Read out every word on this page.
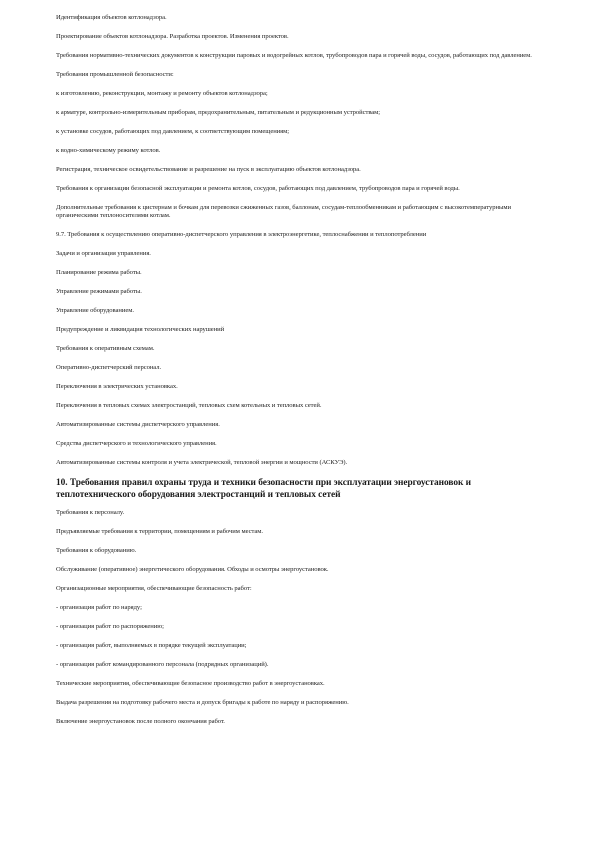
Идентификация объектов котлонадзора.

Проектирование объектов котлонадзора. Разработка проектов. Изменения проектов.

Требования нормативно-технических документов к конструкции паровых и водогрейных котлов, трубопроводов пара и горячей воды, сосудов, работающих под давлением.

Требования промышленной безопасности:

к изготовлению, реконструкции, монтажу и ремонту объектов котлонадзора;

к арматуре, контрольно-измерительным приборам, предохранительным, питательным и редукционным устройствам;

к установке сосудов, работающих под давлением, к соответствующим помещениям;

к водно-химическому режиму котлов.

Регистрация, техническое освидетельствование и разрешение на пуск в эксплуатацию объектов котлонадзора.

Требования к организации безопасной эксплуатации и ремонта котлов, сосудов, работающих под давлением, трубопроводов пара и горячей воды.

Дополнительные требования к цистернам и бочкам для перевозки сжиженных газов, баллонам, сосудам-теплообменникам и работающим с высокотемпературными органическими теплоносителями котлам.

9.7. Требования к осуществлению оперативно-диспетчерского управления в электроэнергетике, теплоснабжении и теплопотреблении

Задачи и организация управления.

Планирование режима работы.

Управление режимами работы.

Управление оборудованием.

Предупреждение и ликвидация технологических нарушений

Требования к оперативным схемам.

Оперативно-диспетчерский персонал.

Переключения в электрических установках.

Переключения в тепловых схемах электростанций, тепловых схем котельных и тепловых сетей.

Автоматизированные системы диспетчерского управления.

Средства диспетчерского и технологического управления.

Автоматизированные системы контроля и учета электрической, тепловой энергии и мощности (АСКУЭ).

10. Требования правил охраны труда и техники безопасности при эксплуатации энергоустановок и теплотехнического оборудования электростанций и тепловых сетей

Требования к персоналу.

Предъявляемые требования к территории, помещениям и рабочим местам.

Требования к оборудованию.

Обслуживание (оперативное) энергетического оборудования. Обходы и осмотры энергоустановок.

Организационные мероприятия, обеспечивающие безопасность работ:

- организация работ по наряду;

- организация работ по распоряжению;

- организация работ, выполняемых в порядке текущей эксплуатации;

- организация работ командированного персонала (подрядных организаций).

Технические мероприятия, обеспечивающие безопасное производство работ в энергоустановках.

Выдача разрешения на подготовку рабочего места и допуск бригады к работе по наряду и распоряжению.

Включение энергоустановок после полного окончания работ.
